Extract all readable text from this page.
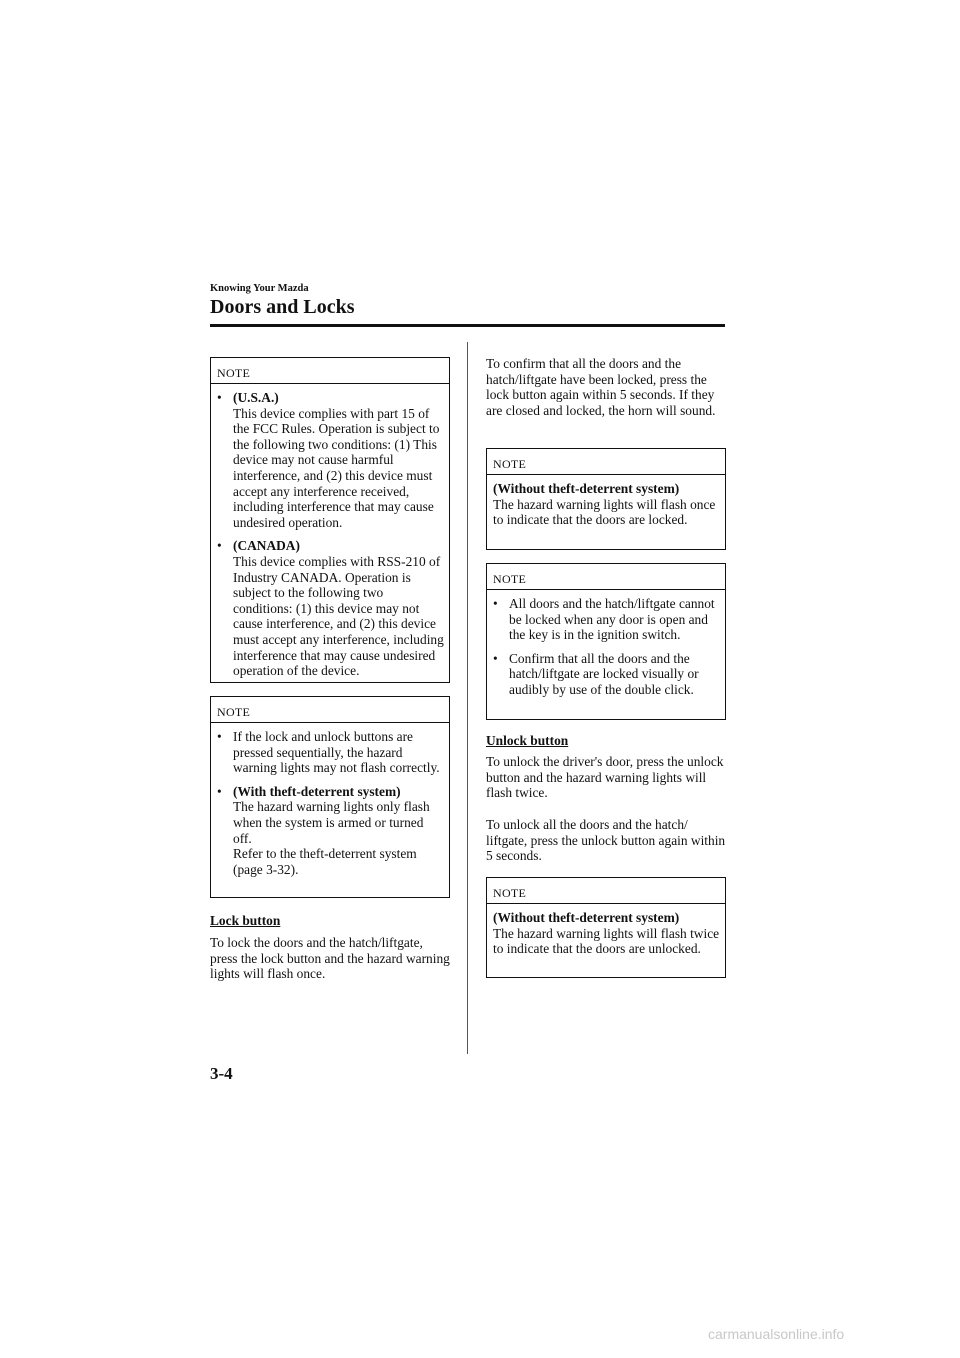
Knowing Your Mazda
Doors and Locks
NOTE
• (U.S.A.)
This device complies with part 15 of the FCC Rules. Operation is subject to the following two conditions: (1) This device may not cause harmful interference, and (2) this device must accept any interference received, including interference that may cause undesired operation.
• (CANADA)
This device complies with RSS-210 of Industry CANADA. Operation is subject to the following two conditions: (1) this device may not cause interference, and (2) this device must accept any interference, including interference that may cause undesired operation of the device.
NOTE
• If the lock and unlock buttons are pressed sequentially, the hazard warning lights may not flash correctly.
• (With theft-deterrent system)
The hazard warning lights only flash when the system is armed or turned off.
Refer to the theft-deterrent system (page 3-32).
Lock button

To lock the doors and the hatch/liftgate, press the lock button and the hazard warning lights will flash once.

To confirm that all the doors and the hatch/liftgate have been locked, press the lock button again within 5 seconds. If they are closed and locked, the horn will sound.

NOTE
(Without theft-deterrent system)
The hazard warning lights will flash once to indicate that the doors are locked.
NOTE
• All doors and the hatch/liftgate cannot be locked when any door is open and the key is in the ignition switch.
• Confirm that all the doors and the hatch/liftgate are locked visually or audibly by use of the double click.
Unlock button

To unlock the driver's door, press the unlock button and the hazard warning lights will flash twice.

To unlock all the doors and the hatch/ liftgate, press the unlock button again within 5 seconds.

NOTE
(Without theft-deterrent system)
The hazard warning lights will flash twice to indicate that the doors are unlocked.
3-4
carmanualsonline.info
